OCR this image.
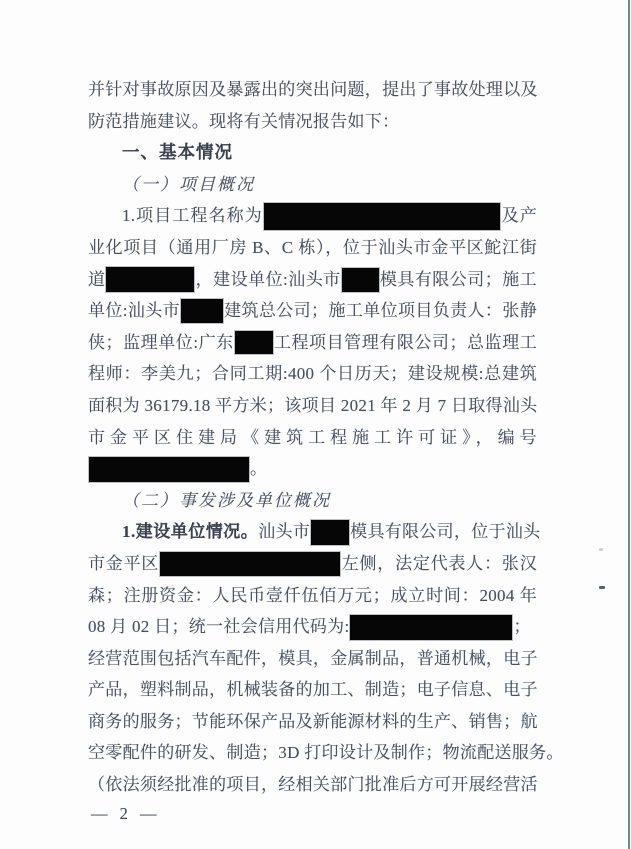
并针对事故原因及暴露出的突出问题，提出了事故处理以及
防范措施建议。现将有关情况报告如下：
一、基本情况
（一）项目概况
1.项目工程名称为	及产
业化项目（通用厂房 B、C 栋），位于汕头市金平区鮀江街
道	，建设单位:汕头市 模具有限公司；施工
单位:汕头市	建筑总公司；施工单位项目负责人：张静
侠；监理单位:广东 工程项目管理有限公司；总监理工
程师：李美九；合同工期:400 个日历天；建设规模:总建筑
面积为 36179.18 平方米；该项目 2021 年 2 月 7 日取得汕头
市金平区住建局《建筑工程施工许可证》，编号
。
（二）事发涉及单位概况
1.建设单位情况。汕头市 模具有限公司，位于汕头
市金平区	左侧，法定代表人：张汉
森；注册资金：人民币壹仟伍佰万元；成立时间：2004 年
08 月 02 日；统一社会信用代码为:	；
经营范围包括汽车配件，模具，金属制品，普通机械，电子
产品，塑料制品，机械装备的加工、制造；电子信息、电子
商务的服务；节能环保产品及新能源材料的生产、销售；航
空零配件的研发、制造；3D 打印设计及制作；物流配送服务。
（依法须经批准的项目，经相关部门批准后方可开展经营活
— 2 —
